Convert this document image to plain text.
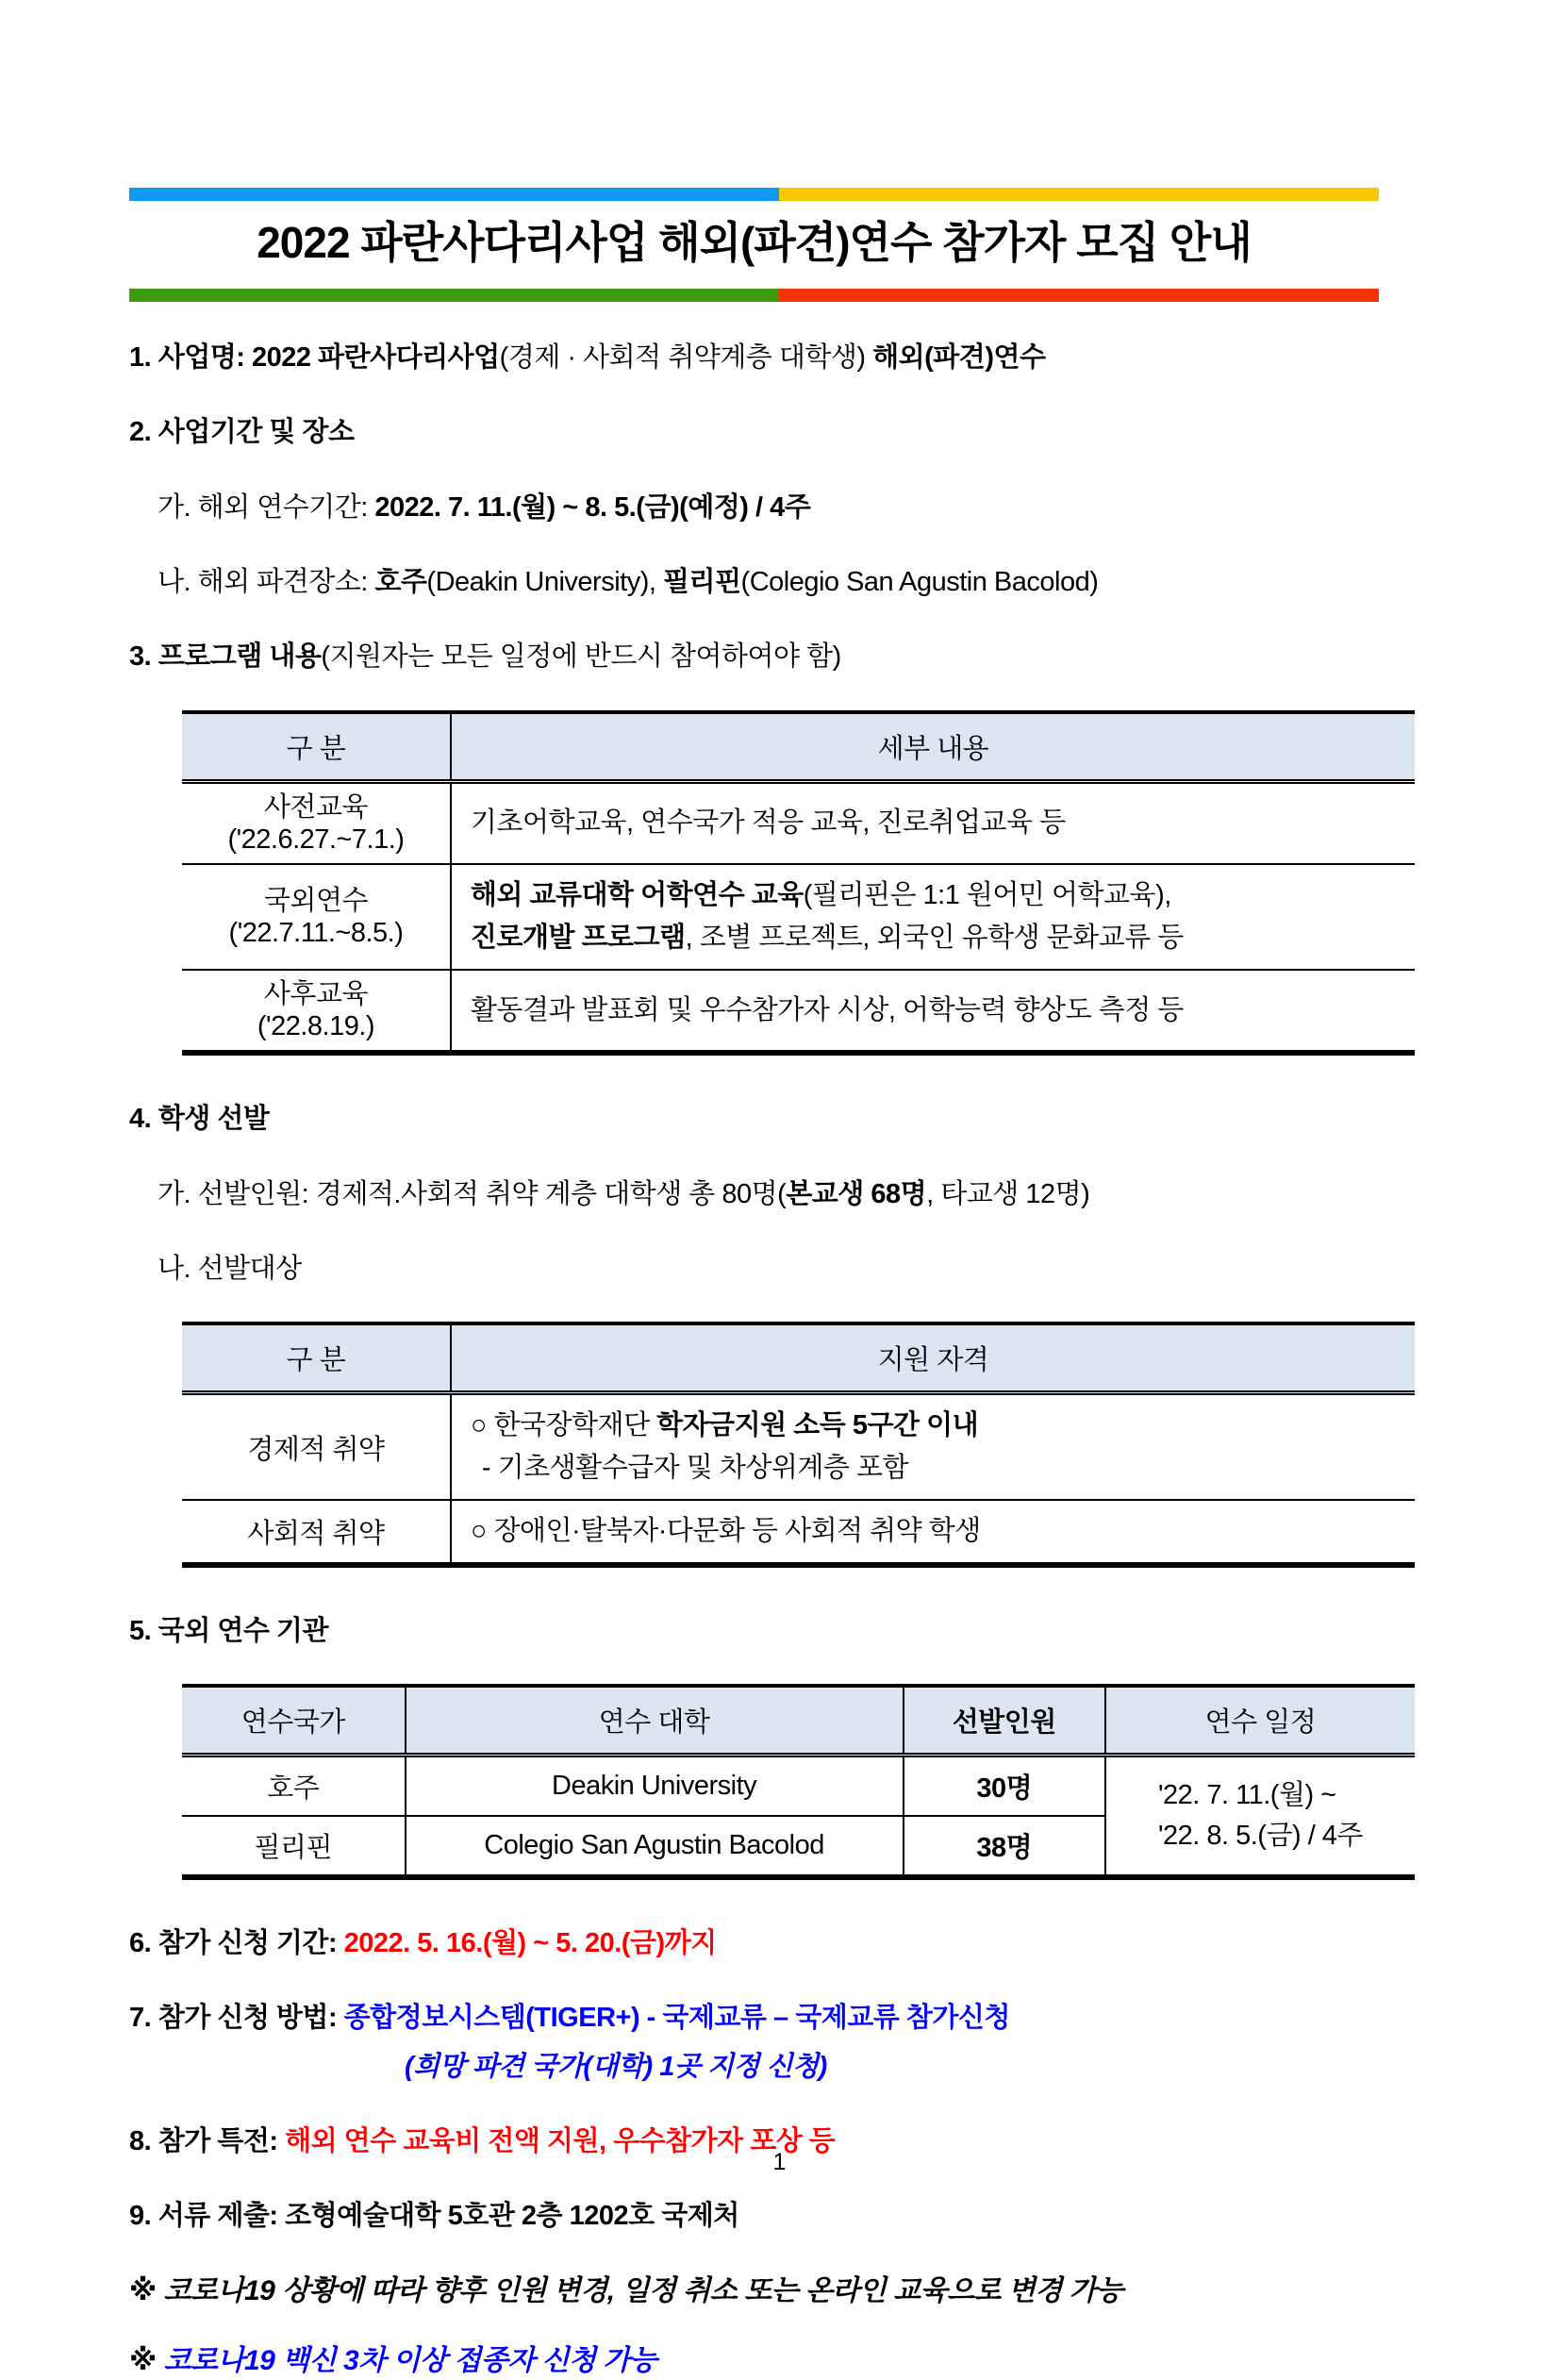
2022 파란사다리사업 해외(파견)연수 참가자 모집 안내

1. 사업명: 2022 파란사다리사업(경제 · 사회적 취약계층 대학생) 해외(파견)연수

2. 사업기간 및 장소

가. 해외 연수기간: 2022. 7. 11.(월) ~ 8. 5.(금)(예정) / 4주

나. 해외 파견장소: 호주(Deakin University), 필리핀(Colegio San Agustin Bacolod)

3. 프로그램 내용(지원자는 모든 일정에 반드시 참여하여야 함)

구 분	세부 내용
사전교육
('22.6.27.~7.1.)	기초어학교육, 연수국가 적응 교육, 진로취업교육 등
국외연수
('22.7.11.~8.5.)	해외 교류대학 어학연수 교육(필리핀은 1:1 원어민 어학교육),
진로개발 프로그램, 조별 프로젝트, 외국인 유학생 문화교류 등
사후교육
('22.8.19.)	활동결과 발표회 및 우수참가자 시상, 어학능력 향상도 측정 등

4. 학생 선발

가. 선발인원: 경제적.사회적 취약 계층 대학생 총 80명(본교생 68명, 타교생 12명)

나. 선발대상

구 분	지원 자격
경제적 취약	○ 한국장학재단 학자금지원 소득 5구간 이내
- 기초생활수급자 및 차상위계층 포함
사회적 취약	○ 장애인·탈북자·다문화 등 사회적 취약 학생

5. 국외 연수 기관

연수국가	연수 대학	선발인원	연수 일정
호주	Deakin University	30명	'22. 7. 11.(월) ~
'22. 8. 5.(금) / 4주
필리핀	Colegio San Agustin Bacolod	38명	

6. 참가 신청 기간: 2022. 5. 16.(월) ~ 5. 20.(금)까지

7. 참가 신청 방법: 종합정보시스템(TIGER+) - 국제교류 – 국제교류 참가신청

(희망 파견 국가(대학) 1곳 지정 신청)

8. 참가 특전: 해외 연수 교육비 전액 지원, 우수참가자 포상 등

9. 서류 제출: 조형예술대학 5호관 2층 1202호 국제처

※ 코로나19 상황에 따라 향후 인원 변경, 일정 취소 또는 온라인 교육으로 변경 가능

※ 코로나19 백신 3차 이상 접종자 신청 가능

1
